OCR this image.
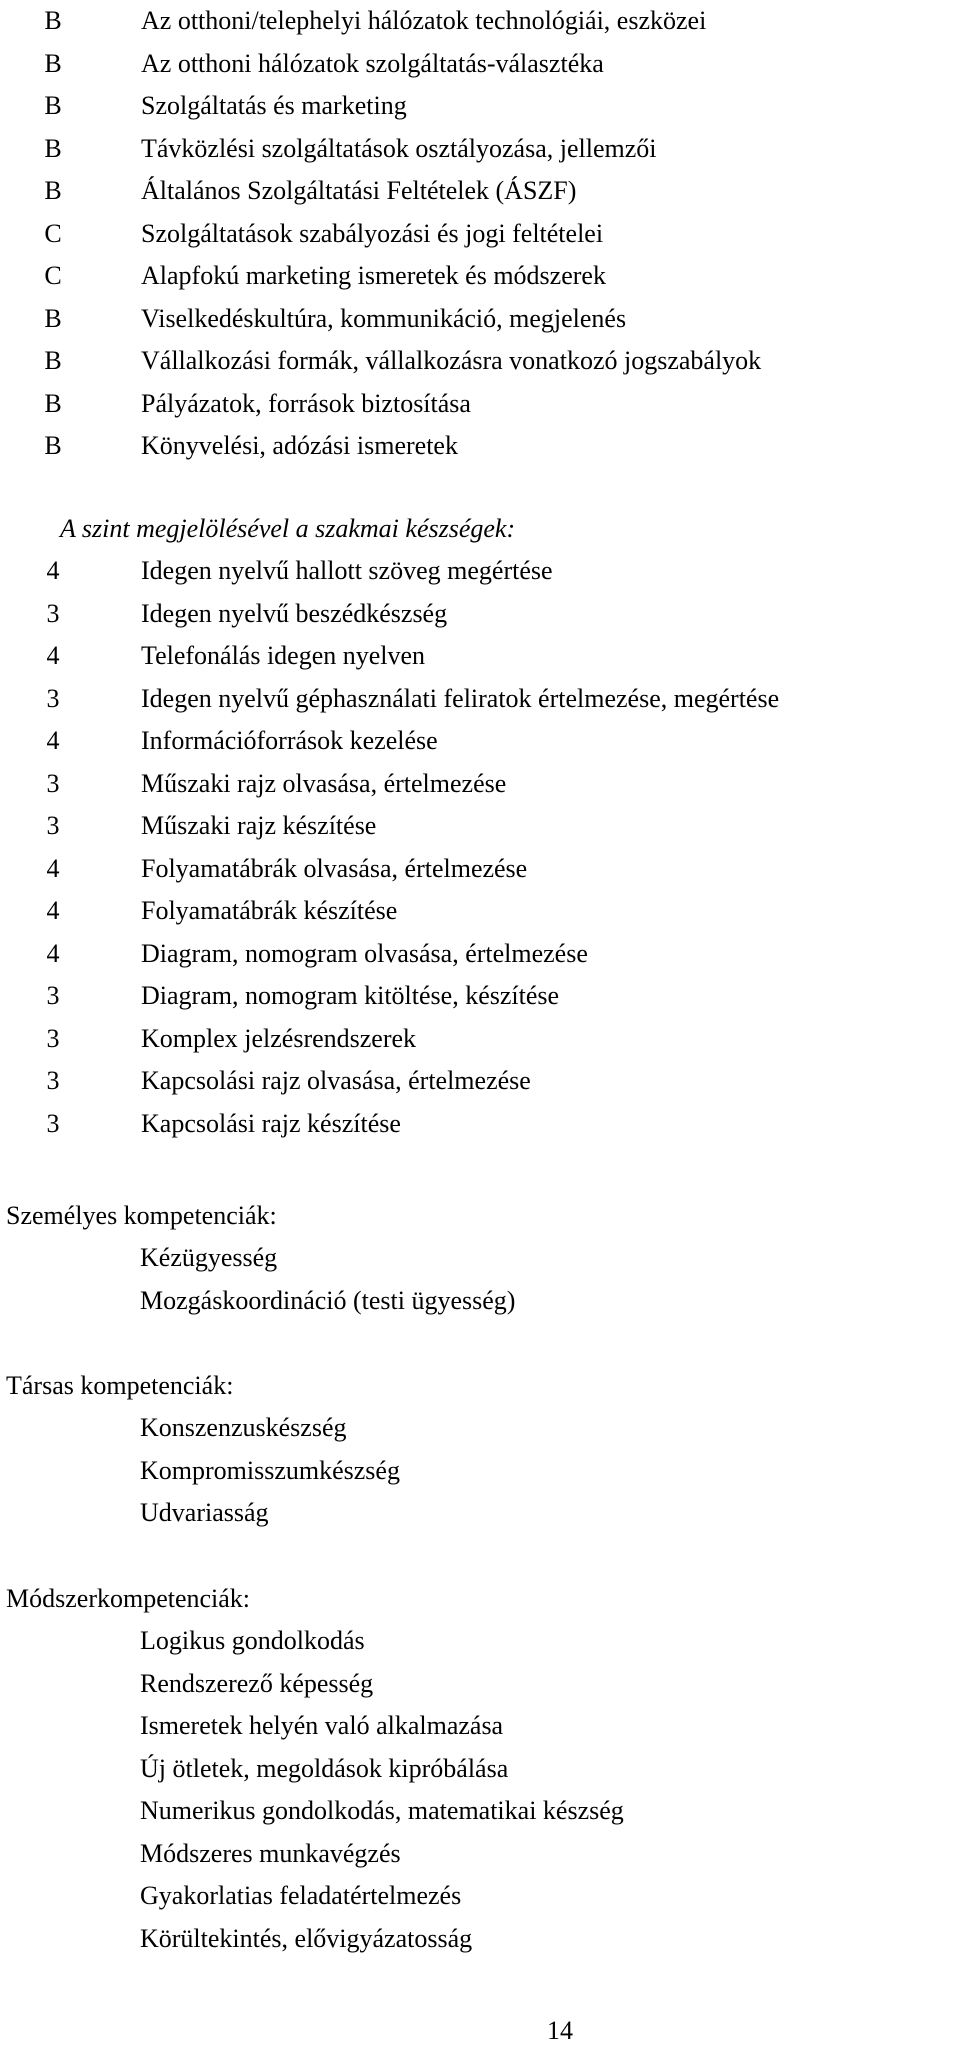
B	Az otthoni/telephelyi hálózatok technológiái, eszközei
B	Az otthoni hálózatok szolgáltatás-választéka
B	Szolgáltatás és marketing
B	Távközlési szolgáltatások osztályozása, jellemzői
B	Általános Szolgáltatási Feltételek (ÁSZF)
C	Szolgáltatások szabályozási és jogi feltételei
C	Alapfokú marketing ismeretek és módszerek
B	Viselkedéskultúra, kommunikáció, megjelenés
B	Vállalkozási formák, vállalkozásra vonatkozó jogszabályok
B	Pályázatok, források biztosítása
B	Könyvelési, adózási ismeretek
A szint megjelölésével a szakmai készségek:
4	Idegen nyelvű hallott szöveg megértése
3	Idegen nyelvű beszédkészség
4	Telefonálás idegen nyelven
3	Idegen nyelvű géphasználati feliratok értelmezése, megértése
4	Információforrások kezelése
3	Műszaki rajz olvasása, értelmezése
3	Műszaki rajz készítése
4	Folyamatábrák olvasása, értelmezése
4	Folyamatábrák készítése
4	Diagram, nomogram olvasása, értelmezése
3	Diagram, nomogram kitöltése, készítése
3	Komplex jelzésrendszerek
3	Kapcsolási rajz olvasása, értelmezése
3	Kapcsolási rajz készítése
Személyes kompetenciák:
Kézügyesség
Mozgáskoordináció (testi ügyesség)
Társas kompetenciák:
Konszenzuskészség
Kompromisszumkészség
Udvariasság
Módszerkompetenciák:
Logikus gondolkodás
Rendszerező képesség
Ismeretek helyén való alkalmazása
Új ötletek, megoldások kipróbálása
Numerikus gondolkodás, matematikai készség
Módszeres munkavégzés
Gyakorlatias feladatértelmezés
Körültekintés, elővigyázatosság
14
